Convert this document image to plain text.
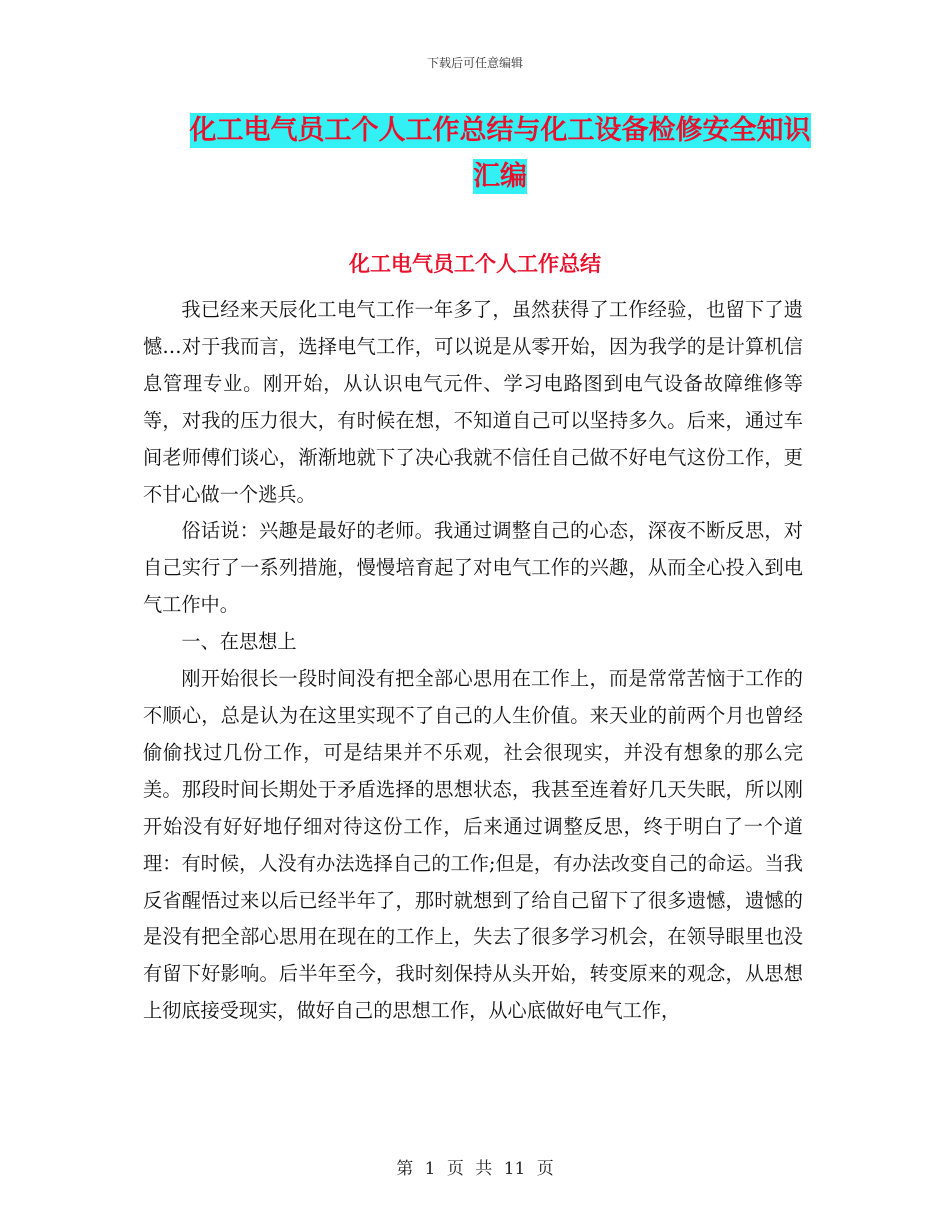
下载后可任意编辑
化工电气员工个人工作总结与化工设备检修安全知识
汇编
化工电气员工个人工作总结

我已经来天辰化工电气工作一年多了，虽然获得了工作经验，也留下了遗憾…对于我而言，选择电气工作，可以说是从零开始，因为我学的是计算机信息管理专业。刚开始，从认识电气元件、学习电路图到电气设备故障维修等等，对我的压力很大，有时候在想，不知道自己可以坚持多久。后来，通过车间老师傅们谈心，渐渐地就下了决心我就不信任自己做不好电气这份工作，更不甘心做一个逃兵。

俗话说：兴趣是最好的老师。我通过调整自己的心态，深夜不断反思，对自己实行了一系列措施，慢慢培育起了对电气工作的兴趣，从而全心投入到电气工作中。

一、在思想上

刚开始很长一段时间没有把全部心思用在工作上，而是常常苦恼于工作的不顺心，总是认为在这里实现不了自己的人生价值。来天业的前两个月也曾经偷偷找过几份工作，可是结果并不乐观，社会很现实，并没有想象的那么完美。那段时间长期处于矛盾选择的思想状态，我甚至连着好几天失眠，所以刚开始没有好好地仔细对待这份工作，后来通过调整反思，终于明白了一个道理：有时候，人没有办法选择自己的工作;但是，有办法改变自己的命运。当我反省醒悟过来以后已经半年了，那时就想到了给自己留下了很多遗憾，遗憾的是没有把全部心思用在现在的工作上，失去了很多学习机会，在领导眼里也没有留下好影响。后半年至今，我时刻保持从头开始，转变原来的观念，从思想上彻底接受现实，做好自己的思想工作，从心底做好电气工作，

第 1 页 共 11 页
